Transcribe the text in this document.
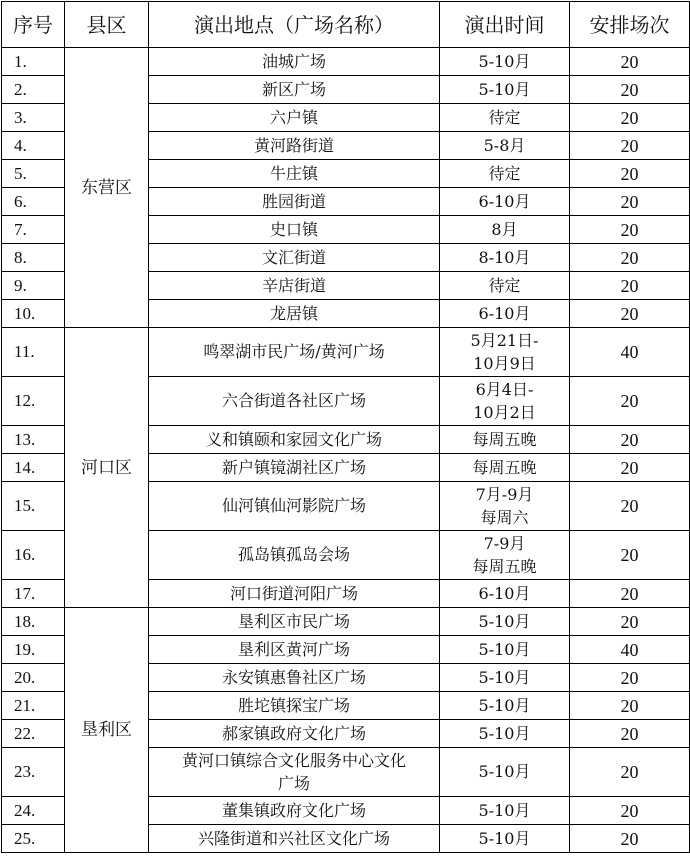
序号	县区	演出地点（广场名称）	演出时间	安排场次
1.	东营区	油城广场	5-10月	20
2.		新区广场	5-10月	20
3.		六户镇	待定	20
4.		黄河路街道	5-8月	20
5.		牛庄镇	待定	20
6.		胜园街道	6-10月	20
7.		史口镇	8月	20
8.		文汇街道	8-10月	20
9.		辛店街道	待定	20
10.		龙居镇	6-10月	20
11.	河口区	鸣翠湖市民广场/黄河广场	5月21日-
10月9日	40
12.		六合街道各社区广场	6月4日-
10月2日	20
13.		义和镇颐和家园文化广场	每周五晚	20
14.		新户镇镜湖社区广场	每周五晚	20
15.		仙河镇仙河影院广场	7月-9月
每周六	20
16.		孤岛镇孤岛会场	7-9月
每周五晚	20
17.		河口街道河阳广场	6-10月	20
18.	垦利区	垦利区市民广场	5-10月	20
19.		垦利区黄河广场	5-10月	40
20.		永安镇惠鲁社区广场	5-10月	20
21.		胜坨镇探宝广场	5-10月	20
22.		郝家镇政府文化广场	5-10月	20
23.		黄河口镇综合文化服务中心文化
广场	5-10月	20
24.		董集镇政府文化广场	5-10月	20
25.		兴隆街道和兴社区文化广场	5-10月	20
